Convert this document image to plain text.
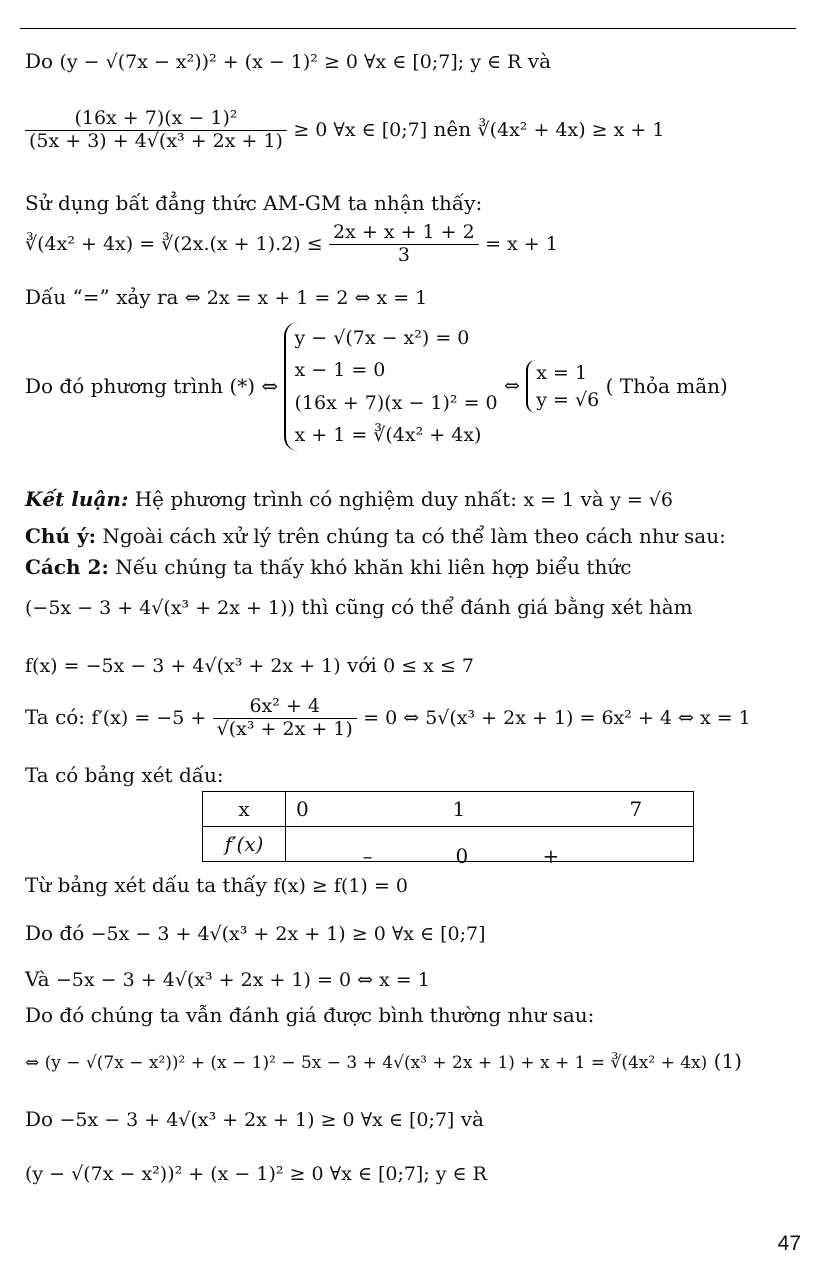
Do (y − √(7x − x²))² + (x − 1)² ≥ 0 ∀x ∈ [0;7]; y ∈ R và
$\frac{\text{(16x + 7)(x − 1)²}}{\text{(5x + 3) + 4√(x³ + 2x + 1)}} \ge 0$ ∀x ∈ [0;7] nên ∛(4x² + 4x) ≥ x + 1
Sử dụng bất đẳng thức AM-GM ta nhận thấy:
∛(4x² + 4x) = ∛(2x.(x + $1).2) \le \frac{2x + x + 1 + 2}{3} = x + 1$
Dấu “=” xảy ra ⇔ 2x = x + 1 = 2 ⇔ x = 1
Do đó phương trình (*) ⇔
y − √(7x − x²) = 0
x − 1 = 0
(16x + 7)(x − 1)² = 0
x + 1 = ∛(4x² + 4x)
⇔
x = 1
y = √6
( Thỏa mãn)
Kết luận: Hệ phương trình có nghiệm duy nhất: x = 1 và y = √6
Chú ý: Ngoài cách xử lý trên chúng ta có thể làm theo cách như sau:
Cách 2: Nếu chúng ta thấy khó khăn khi liên hợp biểu thức
(−5x − 3 + 4√(x³ + 2x + 1)) thì cũng có thể đánh giá bằng xét hàm
f(x) = −5x − 3 + 4√(x³ + 2x + 1) với 0 ≤ x ≤ 7
Ta có: $f'(x) = -5 + \frac{\text{6x² + 4}}{\text{√(x³ + 2x + 1)}} = 0$ ⇔ 5√(x³ + 2x + 1) = 6x² + 4 ⇔ x = 1
Ta có bảng xét dấu:
x	0 1 7

f′(x)	– 0 +
Từ bảng xét dấu ta thấy f(x) ≥ f(1) = 0
Do đó −5x − 3 + 4√(x³ + 2x + 1) ≥ 0 ∀x ∈ [0;7]
Và −5x − 3 + 4√(x³ + 2x + 1) = 0 ⇔ x = 1
Do đó chúng ta vẫn đánh giá được bình thường như sau:
⇔ (y − √(7x − x²))² + (x − 1)² − 5x − 3 + 4√(x³ + 2x + 1) + x + 1 = ∛(4x² + 4x) (1)
Do −5x − 3 + 4√(x³ + 2x + 1) ≥ 0 ∀x ∈ [0;7] và
(y − √(7x − x²))² + (x − 1)² ≥ 0 ∀x ∈ [0;7]; y ∈ R
47
